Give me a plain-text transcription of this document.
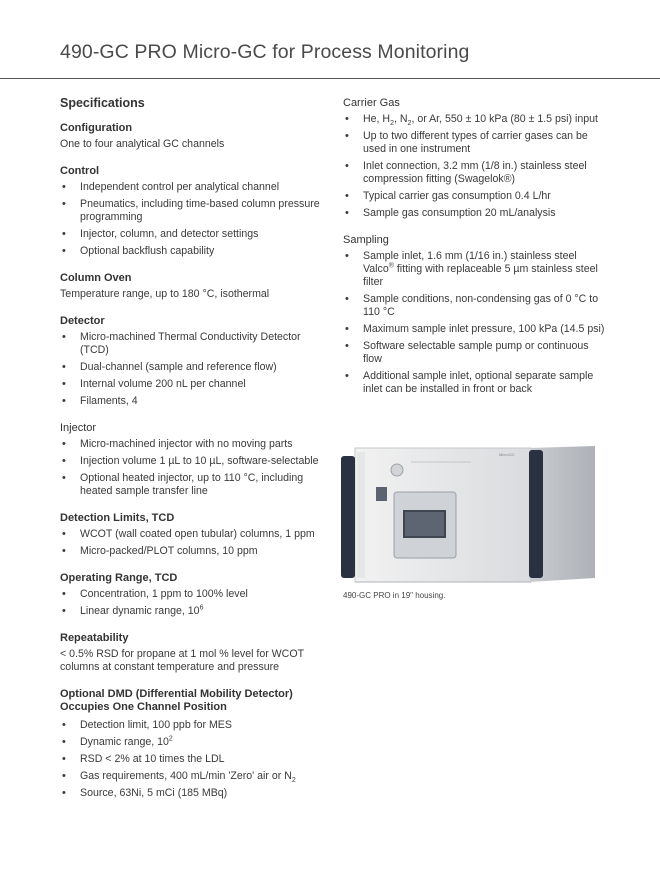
490-GC PRO Micro-GC for Process Monitoring
Specifications
Configuration

One to four analytical GC channels

Control
• Independent control per analytical channel
• Pneumatics, including time-based column pressure programming
• Injector, column, and detector settings
• Optional backflush capability
Column Oven

Temperature range, up to 180 °C, isothermal

Detector
• Micro-machined Thermal Conductivity Detector (TCD)
• Dual-channel (sample and reference flow)
• Internal volume 200 nL per channel
• Filaments, 4
Injector
• Micro-machined injector with no moving parts
• Injection volume 1 µL to 10 µL, software-selectable
• Optional heated injector, up to 110 °C, including heated sample transfer line
Detection Limits, TCD
• WCOT (wall coated open tubular) columns, 1 ppm
• Micro-packed/PLOT columns, 10 ppm
Operating Range, TCD
• Concentration, 1 ppm to 100% level
• Linear dynamic range, $10^6$
Repeatability

< 0.5% RSD for propane at 1 mol % level for WCOT columns at constant temperature and pressure

Optional DMD (Differential Mobility Detector) Occupies One Channel Position
• Detection limit, 100 ppb for MES
• Dynamic range, $10^2$
• RSD < 2% at 10 times the LDL
• Gas requirements, 400 mL/min 'Zero' air or $N_2$
• Source, 63Ni, 5 mCi (185 MBq)
Carrier Gas
• He, $H_2$, $N_2$, or Ar, 550 ± 10 kPa (80 ± 1.5 psi) input
• Up to two different types of carrier gases can be used in one instrument
• Inlet connection, 3.2 mm (1/8 in.) stainless steel compression fitting (Swagelok®)
• Typical carrier gas consumption 0.4 L/hr
• Sample gas consumption 20 mL/analysis
Sampling
• Sample inlet, 1.6 mm (1/16 in.) stainless steel Valco® fitting with replaceable 5 µm stainless steel filter
• Sample conditions, non-condensing gas of 0 °C to 110 °C
• Maximum sample inlet pressure, 100 kPa (14.5 psi)
• Software selectable sample pump or continuous flow
• Additional sample inlet, optional separate sample inlet can be installed in front or back
MicroGC
490-GC PRO in 19" housing.
